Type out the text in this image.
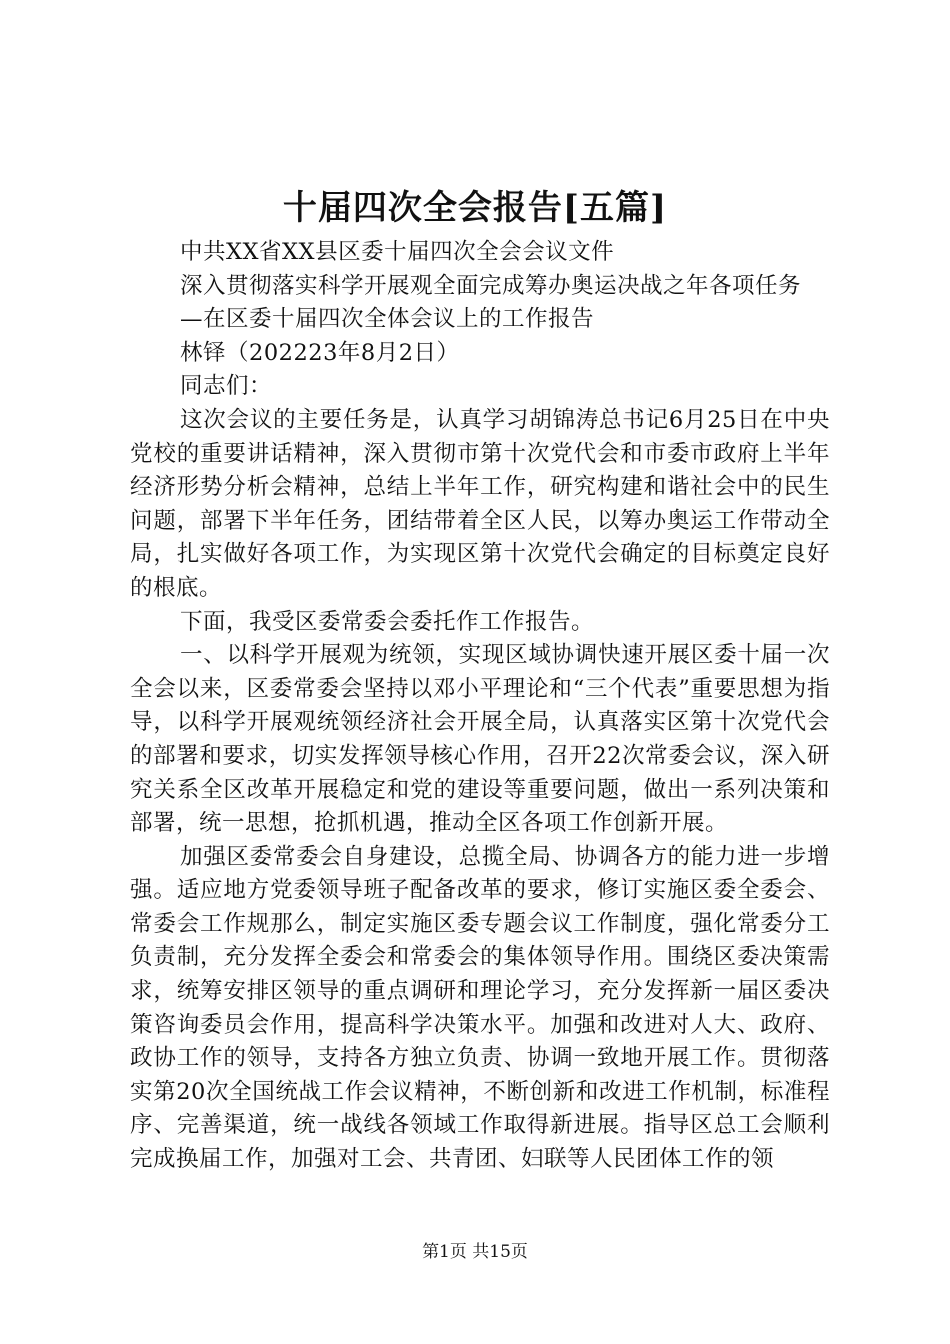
十届四次全会报告[五篇]

中共XX省XX县区委十届四次全会会议文件

深入贯彻落实科学开展观全面完成筹办奥运决战之年各项任务

—在区委十届四次全体会议上的工作报告

林铎（202223年8月2日）

同志们：

这次会议的主要任务是，认真学习胡锦涛总书记6月25日在中央党校的重要讲话精神，深入贯彻市第十次党代会和市委市政府上半年经济形势分析会精神，总结上半年工作，研究构建和谐社会中的民生问题，部署下半年任务，团结带着全区人民，以筹办奥运工作带动全局，扎实做好各项工作，为实现区第十次党代会确定的目标奠定良好的根底。

下面，我受区委常委会委托作工作报告。

一、以科学开展观为统领，实现区域协调快速开展区委十届一次全会以来，区委常委会坚持以邓小平理论和“三个代表”重要思想为指导，以科学开展观统领经济社会开展全局，认真落实区第十次党代会的部署和要求，切实发挥领导核心作用，召开22次常委会议，深入研究关系全区改革开展稳定和党的建设等重要问题，做出一系列决策和部署，统一思想，抢抓机遇，推动全区各项工作创新开展。

加强区委常委会自身建设，总揽全局、协调各方的能力进一步增强。适应地方党委领导班子配备改革的要求，修订实施区委全委会、常委会工作规那么，制定实施区委专题会议工作制度，强化常委分工负责制，充分发挥全委会和常委会的集体领导作用。围绕区委决策需求，统筹安排区领导的重点调研和理论学习，充分发挥新一届区委决策咨询委员会作用，提高科学决策水平。加强和改进对人大、政府、政协工作的领导，支持各方独立负责、协调一致地开展工作。贯彻落实第20次全国统战工作会议精神，不断创新和改进工作机制，标准程序、完善渠道，统一战线各领域工作取得新进展。指导区总工会顺利完成换届工作，加强对工会、共青团、妇联等人民团体工作的领

第1页 共15页
